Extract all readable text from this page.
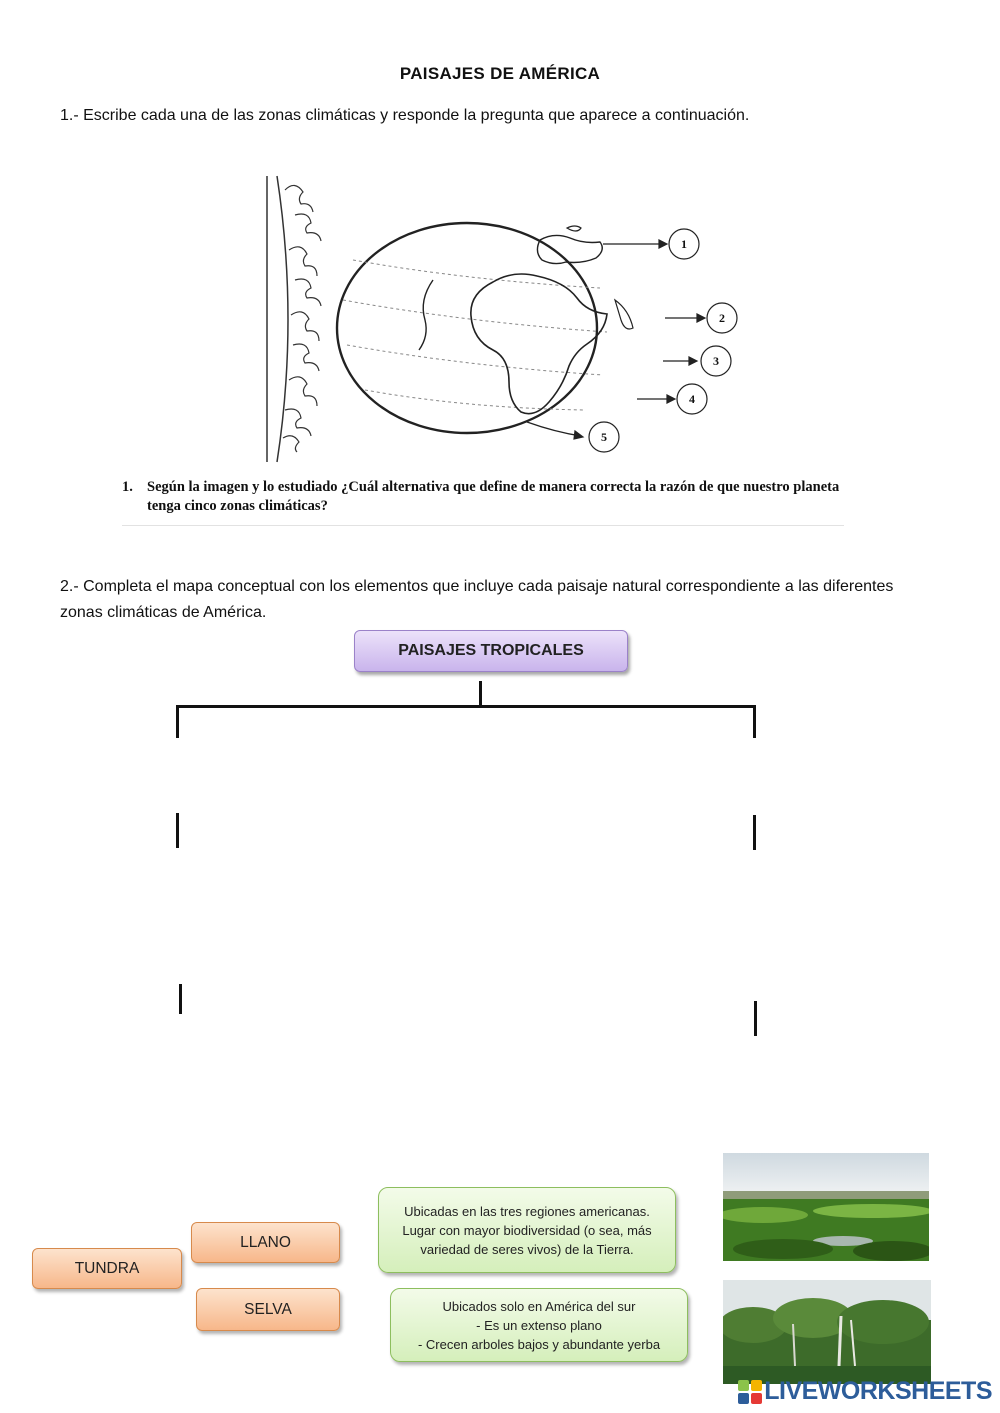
PAISAJES DE AMÉRICA
1.- Escribe cada una de las zonas climáticas y responde la pregunta que aparece a continuación.
1
2
3
4
5
1. Según la imagen y lo estudiado ¿Cuál alternativa que define de manera correcta la razón de que nuestro planeta tenga cinco zonas climáticas?
2.- Completa el mapa conceptual con los elementos que incluye cada paisaje natural correspondiente a las diferentes zonas climáticas de América.
PAISAJES TROPICALES
TUNDRA
LLANO
SELVA
Ubicadas en las tres regiones americanas.
Lugar con mayor biodiversidad (o sea, más
variedad de seres vivos) de la Tierra.
Ubicados solo en América del sur
- Es un extenso plano
- Crecen arboles bajos y abundante yerba
LIVEWORKSHEETS
